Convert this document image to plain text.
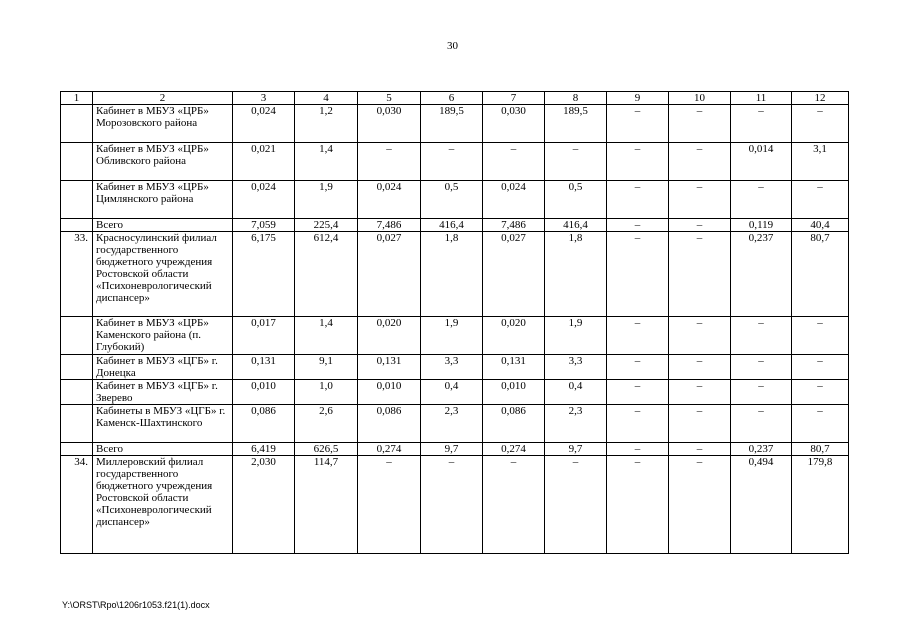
30
1	2	3	4	5	6	7	8	9	10	11	12
	Кабинет в МБУЗ «ЦРБ» Морозовского района	0,024	1,2	0,030	189,5	0,030	189,5	–	–	–	–
	Кабинет в МБУЗ «ЦРБ» Обливского района	0,021	1,4	–	–	–	–	–	–	0,014	3,1
	Кабинет в МБУЗ «ЦРБ» Цимлянского района	0,024	1,9	0,024	0,5	0,024	0,5	–	–	–	–
	Всего	7,059	225,4	7,486	416,4	7,486	416,4	–	–	0,119	40,4
33.	Красносулинский филиал государственного бюджетного учреждения Ростовской области «Психоневрологический диспансер»	6,175	612,4	0,027	1,8	0,027	1,8	–	–	0,237	80,7
	Кабинет в МБУЗ «ЦРБ» Каменского района (п. Глубокий)	0,017	1,4	0,020	1,9	0,020	1,9	–	–	–	–
	Кабинет в МБУЗ «ЦГБ» г. Донецка	0,131	9,1	0,131	3,3	0,131	3,3	–	–	–	–
	Кабинет в МБУЗ «ЦГБ» г. Зверево	0,010	1,0	0,010	0,4	0,010	0,4	–	–	–	–
	Кабинеты в МБУЗ «ЦГБ» г. Каменск-Шахтинского	0,086	2,6	0,086	2,3	0,086	2,3	–	–	–	–
	Всего	6,419	626,5	0,274	9,7	0,274	9,7	–	–	0,237	80,7
34.	Миллеровский филиал государственного бюджетного учреждения Ростовской области «Психоневрологический диспансер»	2,030	114,7	–	–	–	–	–	–	0,494	179,8
Y:\ORST\Rpo\1206r1053.f21(1).docx
